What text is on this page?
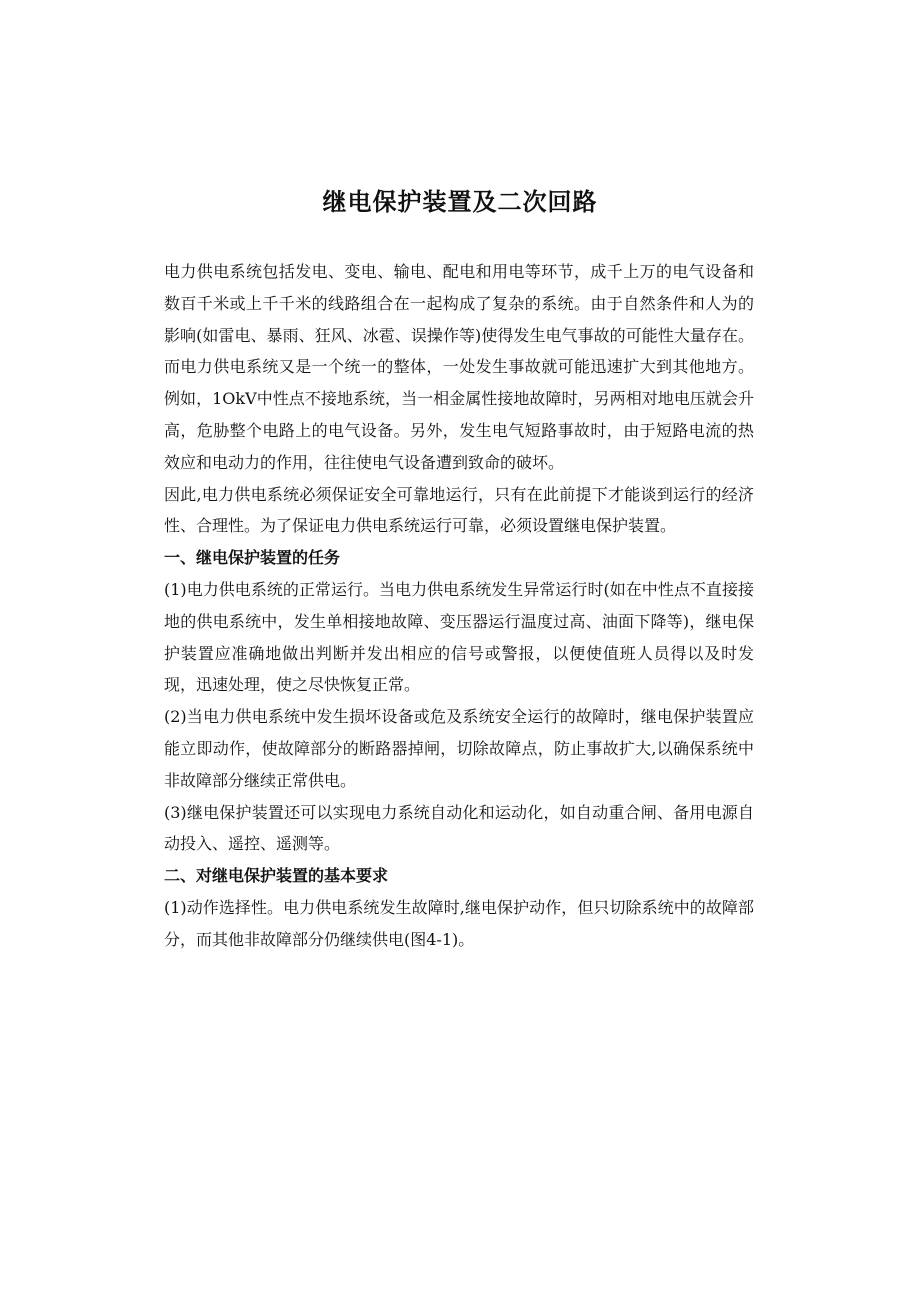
继电保护装置及二次回路

电力供电系统包括发电、变电、输电、配电和用电等环节，成千上万的电气设备和数百千米或上千千米的线路组合在一起构成了复杂的系统。由于自然条件和人为的影响(如雷电、暴雨、狂风、冰雹、误操作等)使得发生电气事故的可能性大量存在。而电力供电系统又是一个统一的整体，一处发生事故就可能迅速扩大到其他地方。例如，1OkV中性点不接地系统，当一相金属性接地故障时，另两相对地电压就会升高，危胁整个电路上的电气设备。另外，发生电气短路事故时，由于短路电流的热效应和电动力的作用，往往使电气设备遭到致命的破坏。

因此,电力供电系统必须保证安全可靠地运行，只有在此前提下才能谈到运行的经济性、合理性。为了保证电力供电系统运行可靠，必须设置继电保护装置。

一、继电保护装置的任务

(1)电力供电系统的正常运行。当电力供电系统发生异常运行时(如在中性点不直接接地的供电系统中，发生单相接地故障、变压器运行温度过高、油面下降等)，继电保护装置应准确地做出判断并发出相应的信号或警报，以便使值班人员得以及时发现，迅速处理，使之尽快恢复正常。

(2)当电力供电系统中发生损坏设备或危及系统安全运行的故障时，继电保护装置应能立即动作，使故障部分的断路器掉闸，切除故障点，防止事故扩大,以确保系统中非故障部分继续正常供电。

(3)继电保护装置还可以实现电力系统自动化和运动化，如自动重合闸、备用电源自动投入、遥控、遥测等。

二、对继电保护装置的基本要求

(1)动作选择性。电力供电系统发生故障时,继电保护动作，但只切除系统中的故障部分，而其他非故障部分仍继续供电(图4-1)。
